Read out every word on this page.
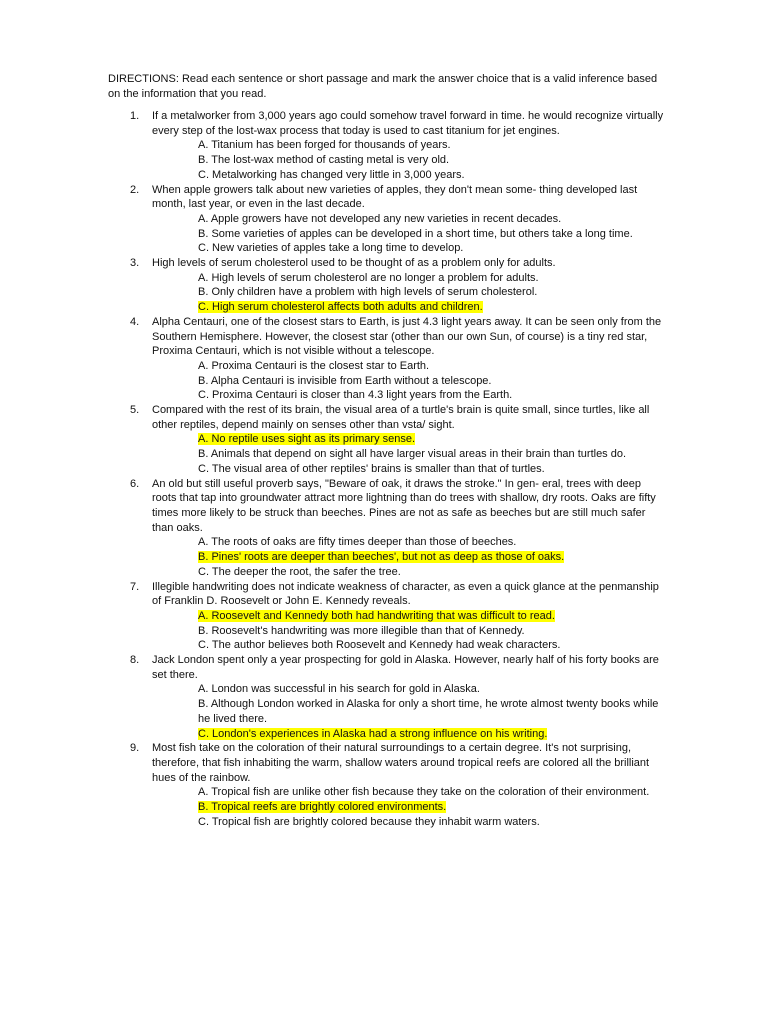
DIRECTIONS: Read each sentence or short passage and mark the answer choice that is a valid inference based on the information that you read.

1. If a metalworker from 3,000 years ago could somehow travel forward in time. he would recognize virtually every step of the lost-wax process that today is used to cast titanium for jet engines.
A. Titanium has been forged for thousands of years.
B. The lost-wax method of casting metal is very old.
C. Metalworking has changed very little in 3,000 years.
2. When apple growers talk about new varieties of apples, they don't mean some- thing developed last month, last year, or even in the last decade.
A. Apple growers have not developed any new varieties in recent decades.
B. Some varieties of apples can be developed in a short time, but others take a long time.
C. New varieties of apples take a long time to develop.
3. High levels of serum cholesterol used to be thought of as a problem only for adults.
A. High levels of serum cholesterol are no longer a problem for adults.
B. Only children have a problem with high levels of serum cholesterol.
C. High serum cholesterol affects both adults and children.
4. Alpha Centauri, one of the closest stars to Earth, is just 4.3 light years away. It can be seen only from the Southern Hemisphere. However, the closest star (other than our own Sun, of course) is a tiny red star, Proxima Centauri, which is not visible without a telescope.
A. Proxima Centauri is the closest star to Earth.
B. Alpha Centauri is invisible from Earth without a telescope.
C. Proxima Centauri is closer than 4.3 light years from the Earth.
5. Compared with the rest of its brain, the visual area of a turtle's brain is quite small, since turtles, like all other reptiles, depend mainly on senses other than vsta/ sight.
A. No reptile uses sight as its primary sense.
B. Animals that depend on sight all have larger visual areas in their brain than turtles do.
C. The visual area of other reptiles' brains is smaller than that of turtles.
6. An old but still useful proverb says, "Beware of oak, it draws the stroke." In gen- eral, trees with deep roots that tap into groundwater attract more lightning than do trees with shallow, dry roots. Oaks are fifty times more likely to be struck than beeches. Pines are not as safe as beeches but are still much safer than oaks.
A. The roots of oaks are fifty times deeper than those of beeches.
B. Pines' roots are deeper than beeches', but not as deep as those of oaks.
C. The deeper the root, the safer the tree.
7. Illegible handwriting does not indicate weakness of character, as even a quick glance at the penmanship of Franklin D. Roosevelt or John E. Kennedy reveals.
A. Roosevelt and Kennedy both had handwriting that was difficult to read.
B. Roosevelt's handwriting was more illegible than that of Kennedy.
C. The author believes both Roosevelt and Kennedy had weak characters.
8. Jack London spent only a year prospecting for gold in Alaska. However, nearly half of his forty books are set there.
A. London was successful in his search for gold in Alaska.
B. Although London worked in Alaska for only a short time, he wrote almost twenty books while he lived there.
C. London's experiences in Alaska had a strong influence on his writing.
9. Most fish take on the coloration of their natural surroundings to a certain degree. It's not surprising, therefore, that fish inhabiting the warm, shallow waters around tropical reefs are colored all the brilliant hues of the rainbow.
A. Tropical fish are unlike other fish because they take on the coloration of their environment.
B. Tropical reefs are brightly colored environments.
C. Tropical fish are brightly colored because they inhabit warm waters.
